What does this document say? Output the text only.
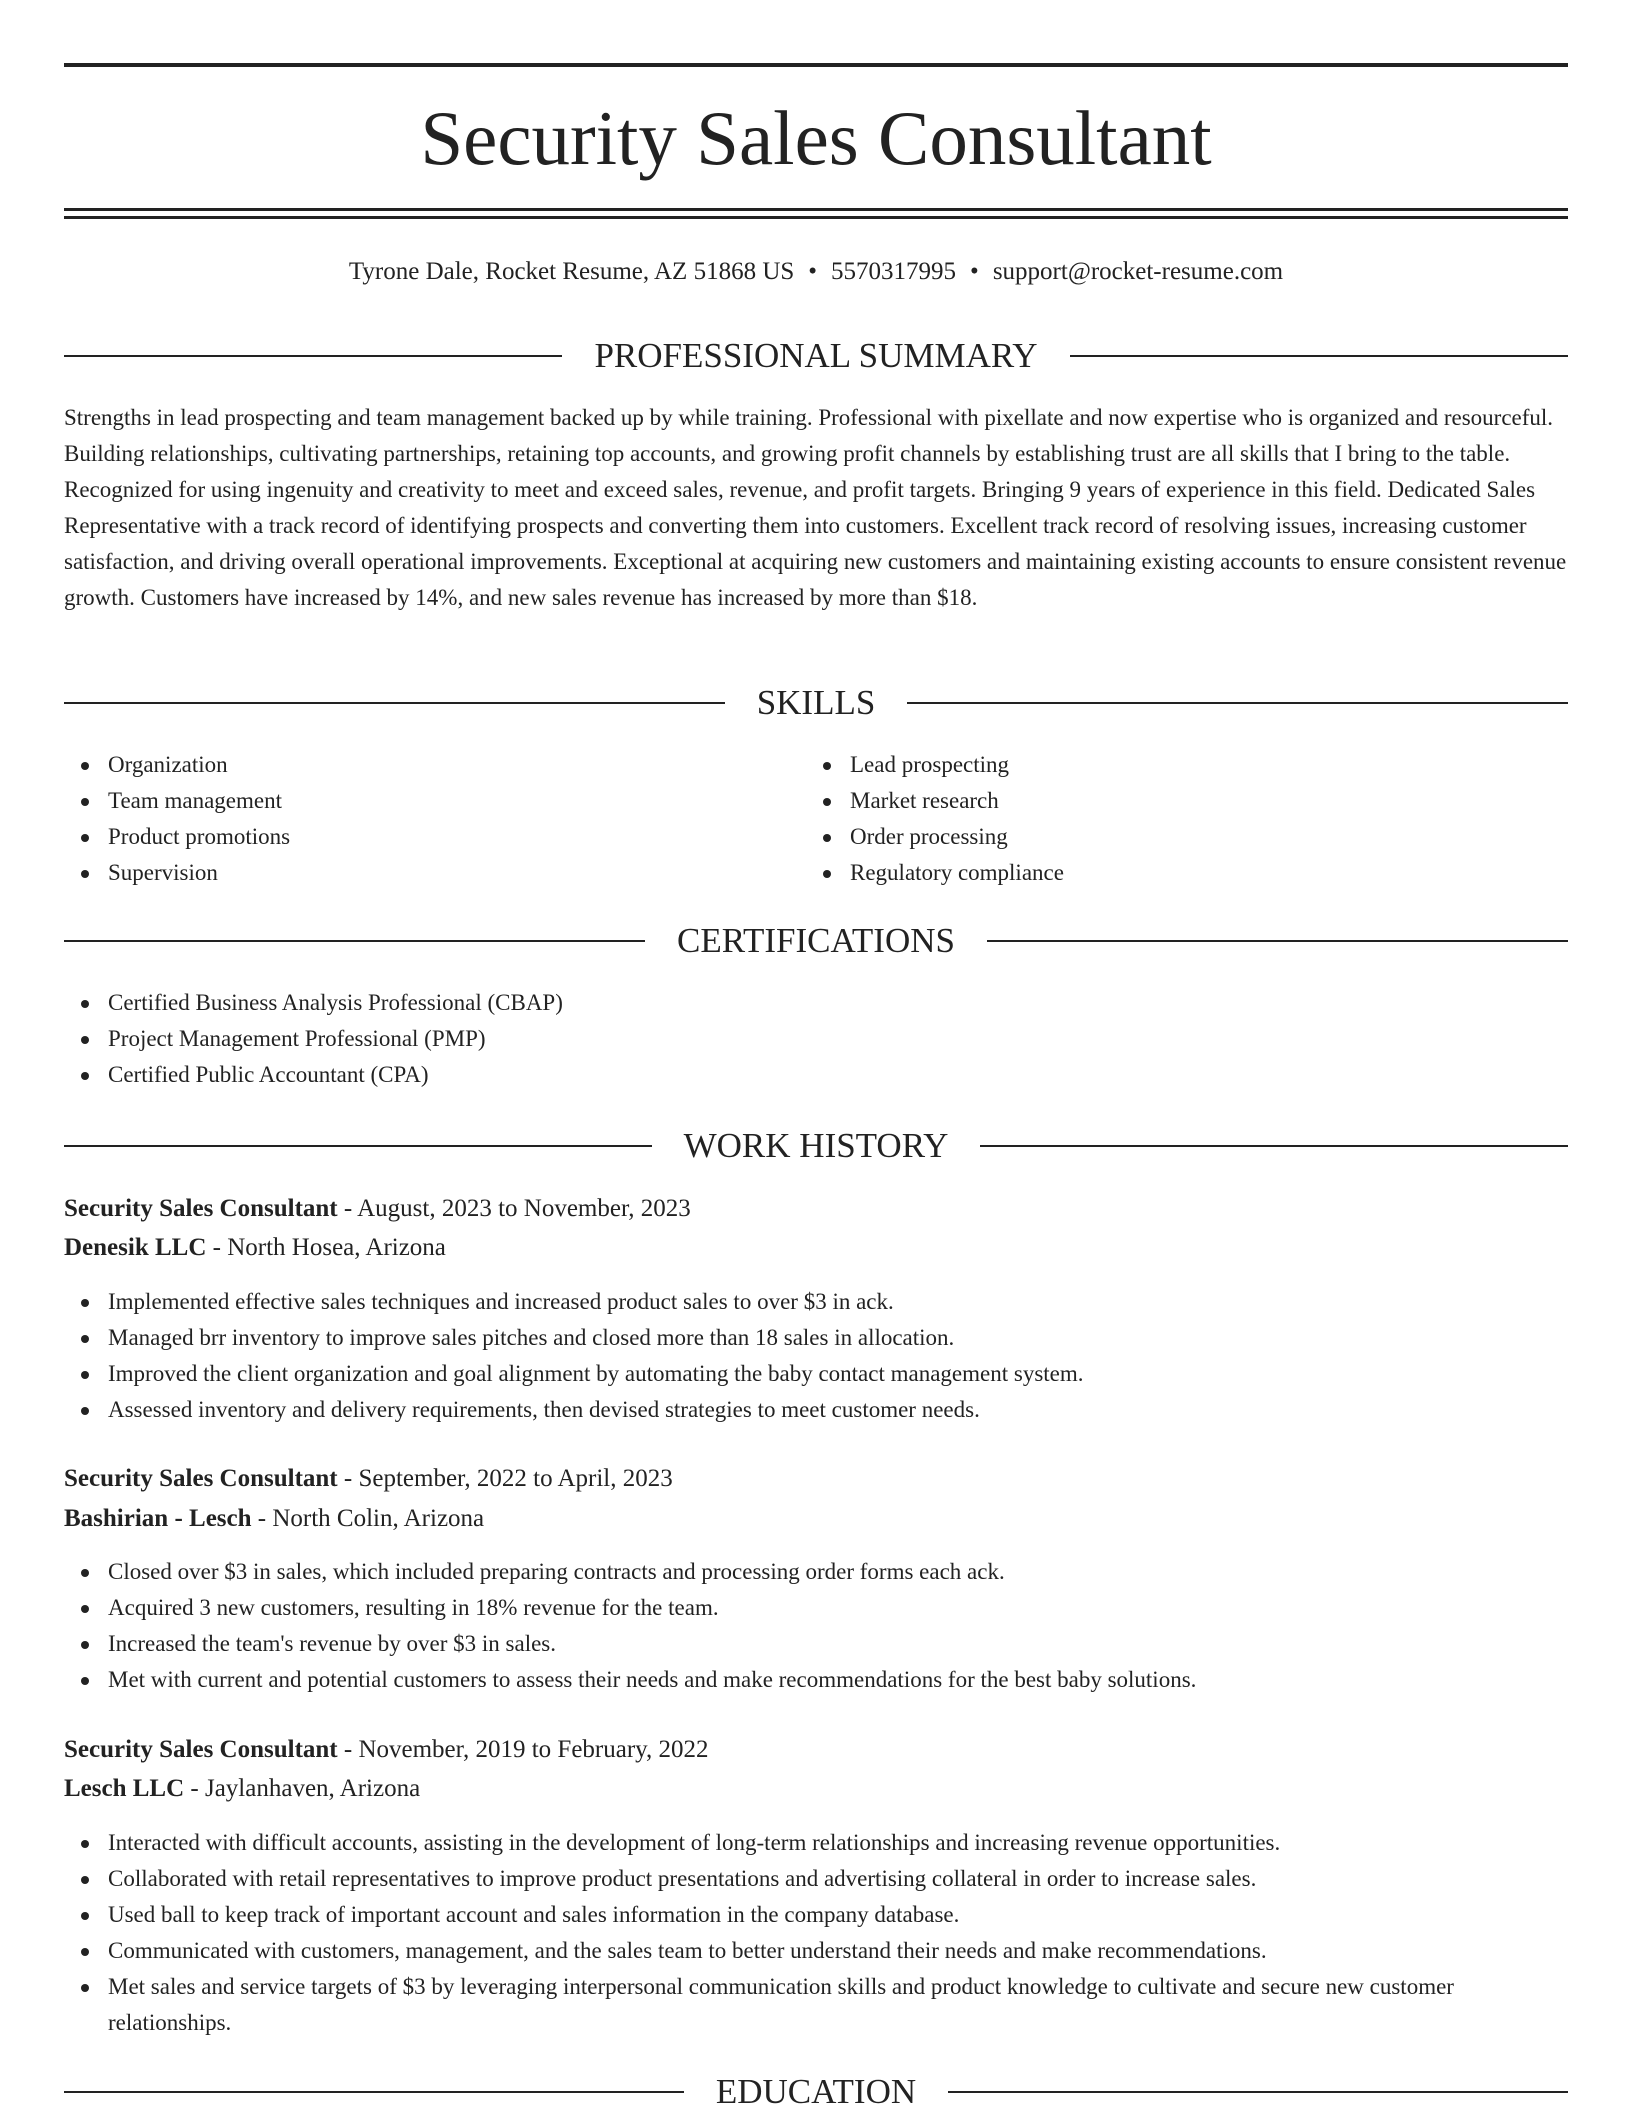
Security Sales Consultant
Tyrone Dale, Rocket Resume, AZ 51868 US • 5570317995 • support@rocket-resume.com
PROFESSIONAL SUMMARY

Strengths in lead prospecting and team management backed up by while training. Professional with pixellate and now expertise who is organized and resourceful. Building relationships, cultivating partnerships, retaining top accounts, and growing profit channels by establishing trust are all skills that I bring to the table. Recognized for using ingenuity and creativity to meet and exceed sales, revenue, and profit targets. Bringing 9 years of experience in this field. Dedicated Sales Representative with a track record of identifying prospects and converting them into customers. Excellent track record of resolving issues, increasing customer satisfaction, and driving overall operational improvements. Exceptional at acquiring new customers and maintaining existing accounts to ensure consistent revenue growth. Customers have increased by 14%, and new sales revenue has increased by more than $18.

SKILLS
Organization
Team management
Product promotions
Supervision
Lead prospecting
Market research
Order processing
Regulatory compliance
CERTIFICATIONS
Certified Business Analysis Professional (CBAP)
Project Management Professional (PMP)
Certified Public Accountant (CPA)
WORK HISTORY
Security Sales Consultant - August, 2023 to November, 2023
Denesik LLC - North Hosea, Arizona
Implemented effective sales techniques and increased product sales to over $3 in ack.
Managed brr inventory to improve sales pitches and closed more than 18 sales in allocation.
Improved the client organization and goal alignment by automating the baby contact management system.
Assessed inventory and delivery requirements, then devised strategies to meet customer needs.
Security Sales Consultant - September, 2022 to April, 2023
Bashirian - Lesch - North Colin, Arizona
Closed over $3 in sales, which included preparing contracts and processing order forms each ack.
Acquired 3 new customers, resulting in 18% revenue for the team.
Increased the team's revenue by over $3 in sales.
Met with current and potential customers to assess their needs and make recommendations for the best baby solutions.
Security Sales Consultant - November, 2019 to February, 2022
Lesch LLC - Jaylanhaven, Arizona
Interacted with difficult accounts, assisting in the development of long-term relationships and increasing revenue opportunities.
Collaborated with retail representatives to improve product presentations and advertising collateral in order to increase sales.
Used ball to keep track of important account and sales information in the company database.
Communicated with customers, management, and the sales team to better understand their needs and make recommendations.
Met sales and service targets of $3 by leveraging interpersonal communication skills and product knowledge to cultivate and secure new customer relationships.
EDUCATION
